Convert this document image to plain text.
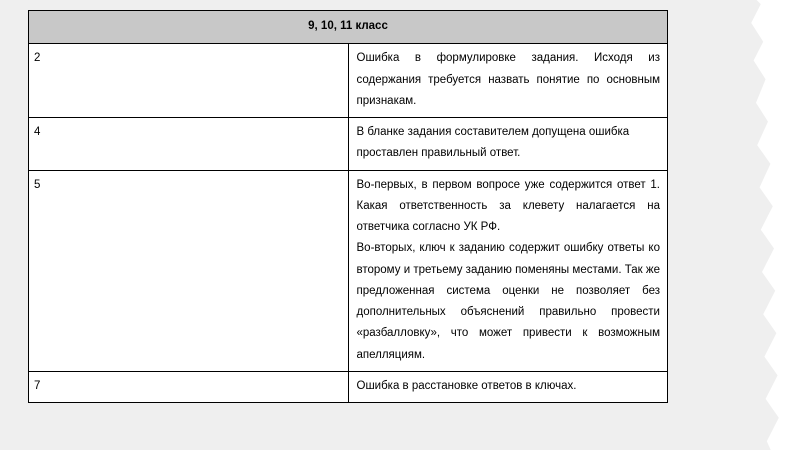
9, 10, 11 класс	
2	Ошибка в формулировке задания. Исходя из содержания требуется назвать понятие по основным признакам.

4	В бланке задания составителем допущена ошибка проставлен правильный ответ.

5	Во-первых, в первом вопросе уже содержится ответ 1. Какая ответственность за клевету налагается на ответчика согласно УК РФ.

Во-вторых, ключ к заданию содержит ошибку ответы ко второму и третьему заданию поменяны местами. Так же предложенная система оценки не позволяет без дополнительных объяснений правильно провести «разбалловку», что может привести к возможным апелляциям.

7	Ошибка в расстановке ответов в ключах.
